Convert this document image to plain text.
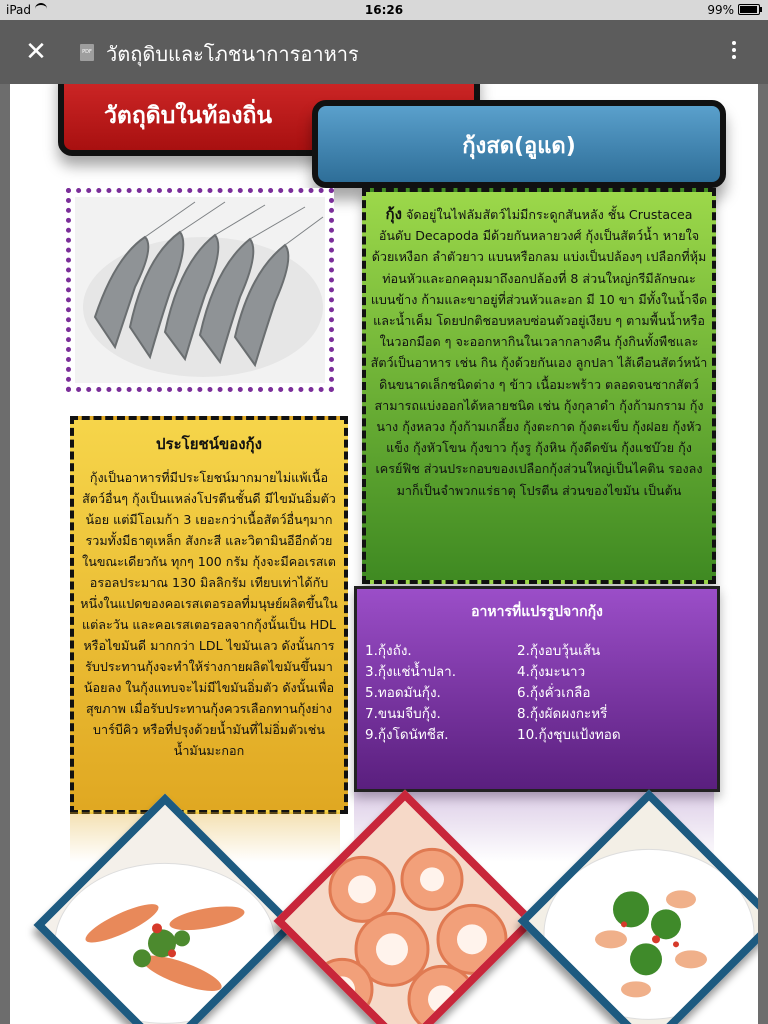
iPad	16:26	99%
✕	PDF วัตถุดิบและโภชนาการอาหาร
วัตถุดิบในท้องถิ่น
กุ้งสด(อูแด)
ประโยชน์ของกุ้ง
กุ้งเป็นอาหารที่มีประโยชน์มากมายไม่แพ้เนื้อสัตว์อื่นๆ กุ้งเป็นแหล่งโปรตีนชั้นดี มีไขมันอิ่มตัวน้อย แต่มีโอเมก้า 3 เยอะกว่าเนื้อสัตว์อื่นๆมาก รวมทั้งมีธาตุเหล็ก สังกะสี และวิตามินอีอีกด้วย ในขณะเดียวกัน ทุกๆ 100 กรัม กุ้งจะมีคอเรสเตอรอลประมาณ 130 มิลลิกรัม เทียบเท่าได้กับหนึ่งในแปดของคอเรสเตอรอลที่มนุษย์ผลิตขึ้นในแต่ละวัน และคอเรสเตอรอลจากกุ้งนั้นเป็น HDL หรือไขมันดี มากกว่า LDL ไขมันเลว ดังนั้นการรับประทานกุ้งจะทำให้ร่างกายผลิตไขมันขึ้นมาน้อยลง ในกุ้งแทบจะไม่มีไขมันอิ่มตัว ดังนั้นเพื่อสุขภาพ เมื่อรับประทานกุ้งควรเลือกทานกุ้งย่าง บาร์บีคิว หรือที่ปรุงด้วยน้ำมันที่ไม่อิ่มตัวเช่นน้ำมันมะกอก
กุ้ง จัดอยู่ในไฟลัมสัตว์ไม่มีกระดูกสันหลัง ชั้น Crustacea อันดับ Decapoda มีด้วยกันหลายวงศ์ กุ้งเป็นสัตว์น้ำ หายใจด้วยเหงือก ลำตัวยาว แบนหรือกลม แบ่งเป็นปล้องๆ เปลือกที่หุ้มท่อนหัวและอกคลุมมาถึงอกปล้องที่ 8 ส่วนใหญ่กรีมีลักษณะแบนข้าง ก้ามและขาอยู่ที่ส่วนหัวและอก มี 10 ขา มีทั้งในน้ำจืดและน้ำเค็ม โดยปกติชอบหลบซ่อนตัวอยู่เงียบ ๆ ตามพื้นน้ำหรือในวอกมีอด ๆ จะออกหากินในเวลากลางคืน กุ้งกินทั้งพืชและสัตว์เป็นอาหาร เช่น กิน กุ้งด้วยกันเอง ลูกปลา ไส้เดือนสัตว์หน้าดินขนาดเล็กชนิดต่าง ๆ ข้าว เนื้อมะพร้าว ตลอดจนซากสัตว์ สามารถแบ่งออกได้หลายชนิด เช่น กุ้งกุลาดำ กุ้งก้ามกราม กุ้งนาง กุ้งหลวง กุ้งก้ามเกลี้ยง กุ้งตะกาด กุ้งตะเข็บ กุ้งฝอย กุ้งหัวแข็ง กุ้งหัวโขน กุ้งขาว กุ้งรู กุ้งหิน กุ้งดีดขัน กุ้งแชบ๊วย กุ้งเครย์ฟิช ส่วนประกอบของเปลือกกุ้งส่วนใหญ่เป็นไคติน รองลงมาก็เป็นจำพวกแร่ธาตุ โปรตีน ส่วนของไขมัน เป็นต้น
อาหารที่แปรรูปจากกุ้ง
1.กุ้งถัง.	2.กุ้งอบวุ้นเส้น
3.กุ้งแช่น้ำปลา.	4.กุ้งมะนาว
5.ทอดมันกุ้ง.	6.กุ้งคั่วเกลือ
7.ขนมจีบกุ้ง.	8.กุ้งผัดผงกะหรี่
9.กุ้งโดนัทชีส.	10.กุ้งชุบแป้งทอด
